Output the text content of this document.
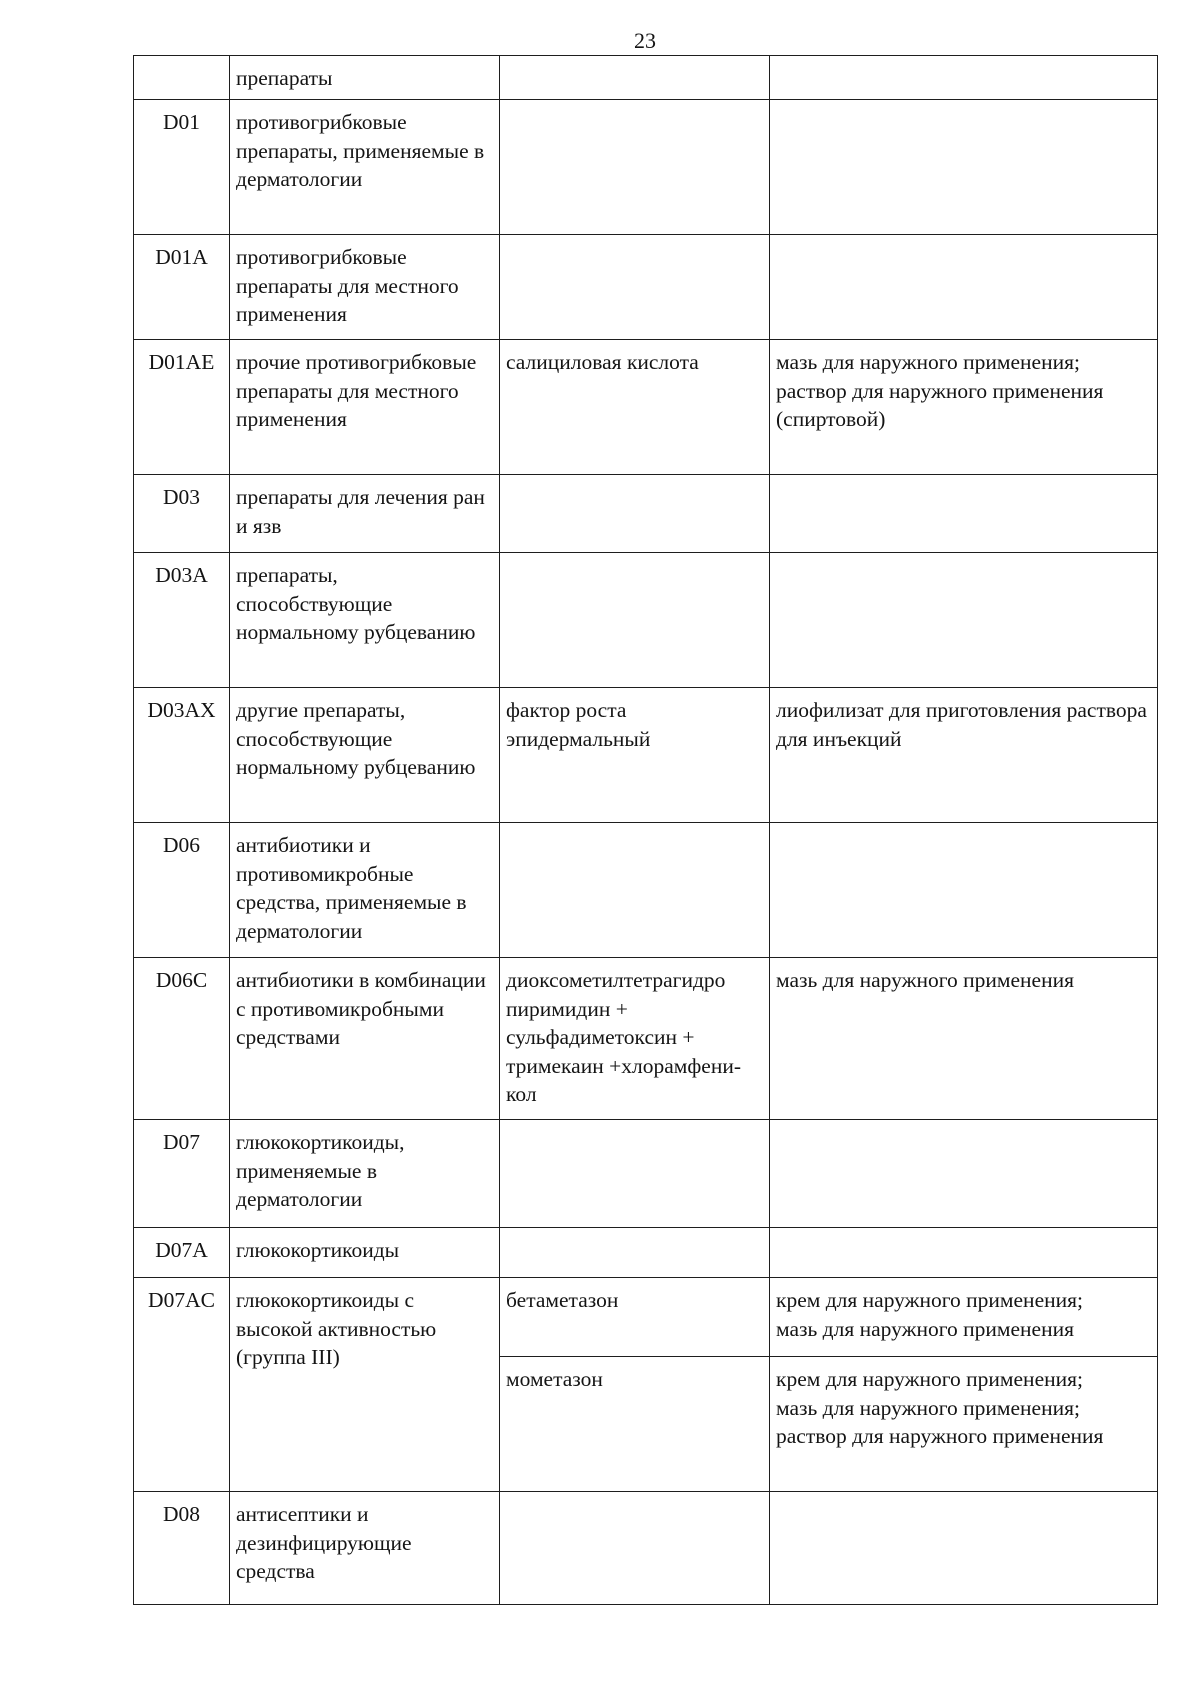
23
	препараты		
D01	противогрибковые препараты, применяемые в дерматологии		
D01A	противогрибковые препараты для местного применения		
D01AE	прочие противогрибковые препараты для местного применения	салициловая кислота	мазь для наружного применения;
раствор для наружного применения (спиртовой)
D03	препараты для лечения ран и язв		
D03A	препараты, способствующие нормальному рубцеванию		
D03AX	другие препараты, способствующие нормальному рубцеванию	фактор роста эпидермальный	лиофилизат для приготовления раствора для инъекций
D06	антибиотики и противомикробные средства, применяемые в дерматологии		
D06C	антибиотики в комбинации с противомикробными средствами	диоксометилтетрагидро пиримидин + сульфадиметоксин + тримекаин +хлорамфени-кол	мазь для наружного применения
D07	глюкокортикоиды, применяемые в дерматологии		
D07A	глюкокортикоиды		
D07AC	глюкокортикоиды с высокой активностью (группа III)	бетаметазон	крем для наружного применения;
мазь для наружного применения
		мометазон	крем для наружного применения;
мазь для наружного применения;
раствор для наружного применения
D08	антисептики и дезинфицирующие средства		
